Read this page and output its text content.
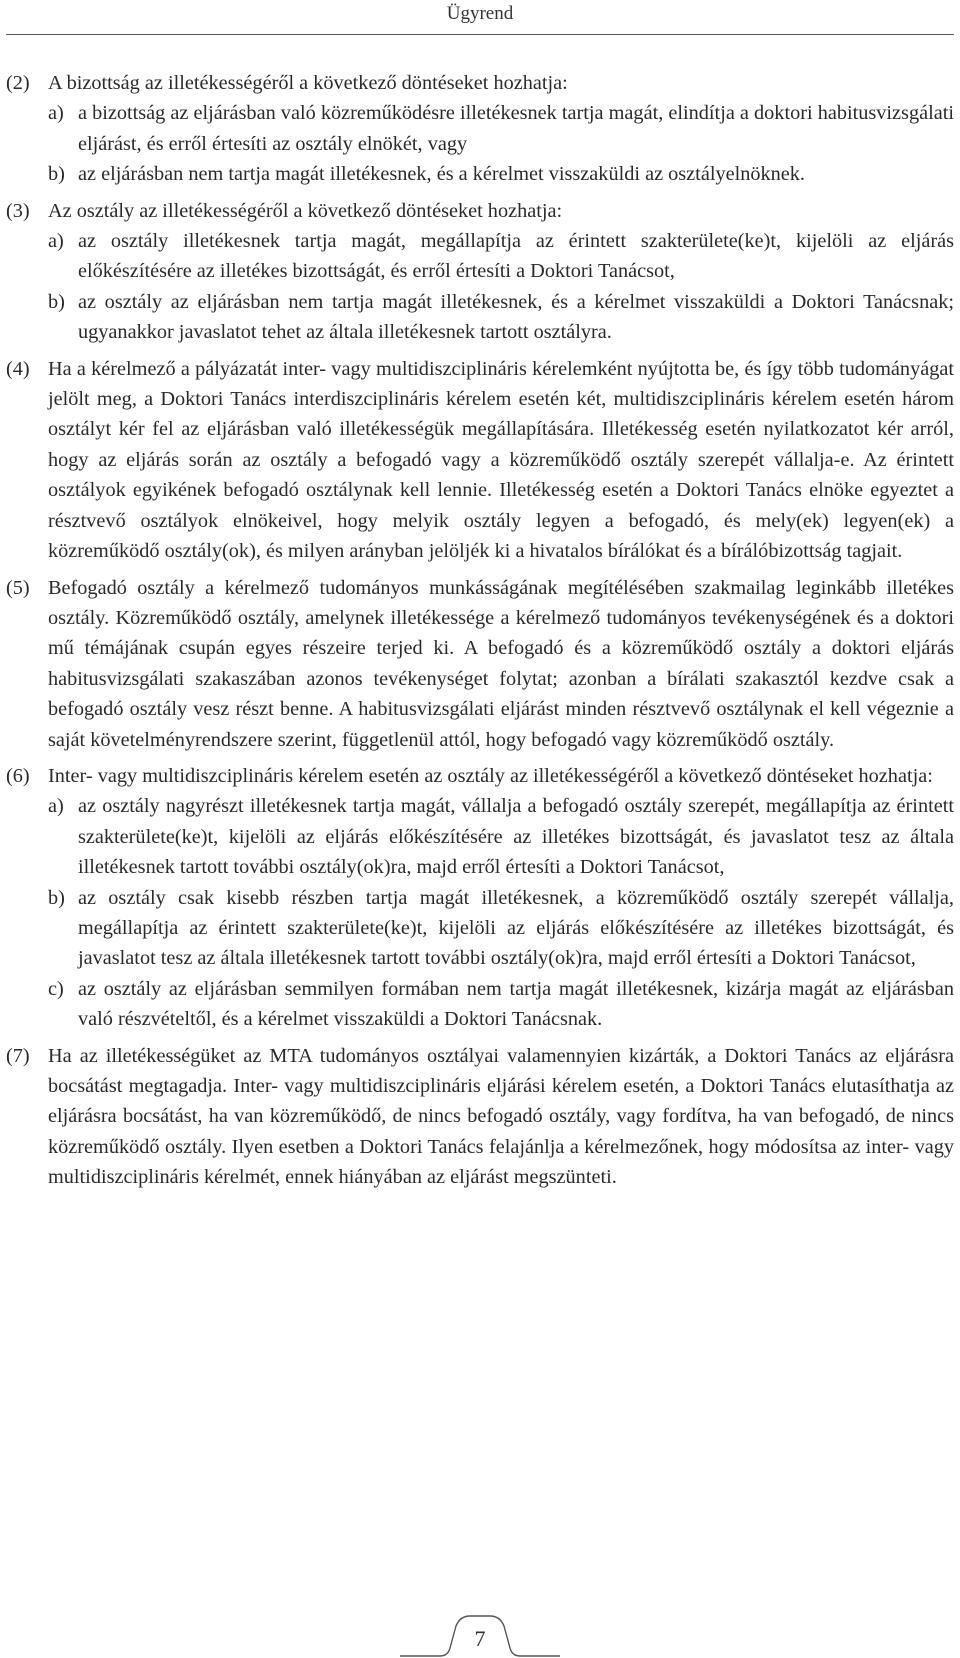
Ügyrend
(2) A bizottság az illetékességéről a következő döntéseket hozhatja:
a) a bizottság az eljárásban való közreműködésre illetékesnek tartja magát, elindítja a doktori habitusvizsgálati eljárást, és erről értesíti az osztály elnökét, vagy
b) az eljárásban nem tartja magát illetékesnek, és a kérelmet visszaküldi az osztályelnöknek.
(3) Az osztály az illetékességéről a következő döntéseket hozhatja:
a) az osztály illetékesnek tartja magát, megállapítja az érintett szakterülete(ke)t, kijelöli az eljárás előkészítésére az illetékes bizottságát, és erről értesíti a Doktori Tanácsot,
b) az osztály az eljárásban nem tartja magát illetékesnek, és a kérelmet visszaküldi a Doktori Tanácsnak; ugyanakkor javaslatot tehet az általa illetékesnek tartott osztályra.
(4) Ha a kérelmező a pályázatát inter- vagy multidiszciplináris kérelemként nyújtotta be, és így több tudományágat jelölt meg, a Doktori Tanács interdiszciplináris kérelem esetén két, multidiszciplináris kérelem esetén három osztályt kér fel az eljárásban való illetékességük megállapítására. Illetékesség esetén nyilatkozatot kér arról, hogy az eljárás során az osztály a befogadó vagy a közreműködő osztály szerepét vállalja-e. Az érintett osztályok egyikének befogadó osztálynak kell lennie. Illetékesség esetén a Doktori Tanács elnöke egyeztet a résztvevő osztályok elnökeivel, hogy melyik osztály legyen a befogadó, és mely(ek) legyen(ek) a közreműködő osztály(ok), és milyen arányban jelöljék ki a hivatalos bírálókat és a bírálóbizottság tagjait.
(5) Befogadó osztály a kérelmező tudományos munkásságának megítélésében szakmailag leginkább illetékes osztály. Közreműködő osztály, amelynek illetékessége a kérelmező tudományos tevékenységének és a doktori mű témájának csupán egyes részeire terjed ki. A befogadó és a közreműködő osztály a doktori eljárás habitusvizsgálati szakaszában azonos tevékenységet folytat; azonban a bírálati szakasztól kezdve csak a befogadó osztály vesz részt benne. A habitusvizsgálati eljárást minden résztvevő osztálynak el kell végeznie a saját követelményrendszere szerint, függetlenül attól, hogy befogadó vagy közreműködő osztály.
(6) Inter- vagy multidiszciplináris kérelem esetén az osztály az illetékességéről a következő döntéseket hozhatja:
a) az osztály nagyrészt illetékesnek tartja magát, vállalja a befogadó osztály szerepét, megállapítja az érintett szakterülete(ke)t, kijelöli az eljárás előkészítésére az illetékes bizottságát, és javaslatot tesz az általa illetékesnek tartott további osztály(ok)ra, majd erről értesíti a Doktori Tanácsot,
b) az osztály csak kisebb részben tartja magát illetékesnek, a közreműködő osztály szerepét vállalja, megállapítja az érintett szakterülete(ke)t, kijelöli az eljárás előkészítésére az illetékes bizottságát, és javaslatot tesz az általa illetékesnek tartott további osztály(ok)ra, majd erről értesíti a Doktori Tanácsot,
c) az osztály az eljárásban semmilyen formában nem tartja magát illetékesnek, kizárja magát az eljárásban való részvételtől, és a kérelmet visszaküldi a Doktori Tanácsnak.
(7) Ha az illetékességüket az MTA tudományos osztályai valamennyien kizárták, a Doktori Tanács az eljárásra bocsátást megtagadja. Inter- vagy multidiszciplináris eljárási kérelem esetén, a Doktori Tanács elutasíthatja az eljárásra bocsátást, ha van közreműködő, de nincs befogadó osztály, vagy fordítva, ha van befogadó, de nincs közreműködő osztály. Ilyen esetben a Doktori Tanács felajánlja a kérelmezőnek, hogy módosítsa az inter- vagy multidiszciplináris kérelmét, ennek hiányában az eljárást megszünteti.
7
